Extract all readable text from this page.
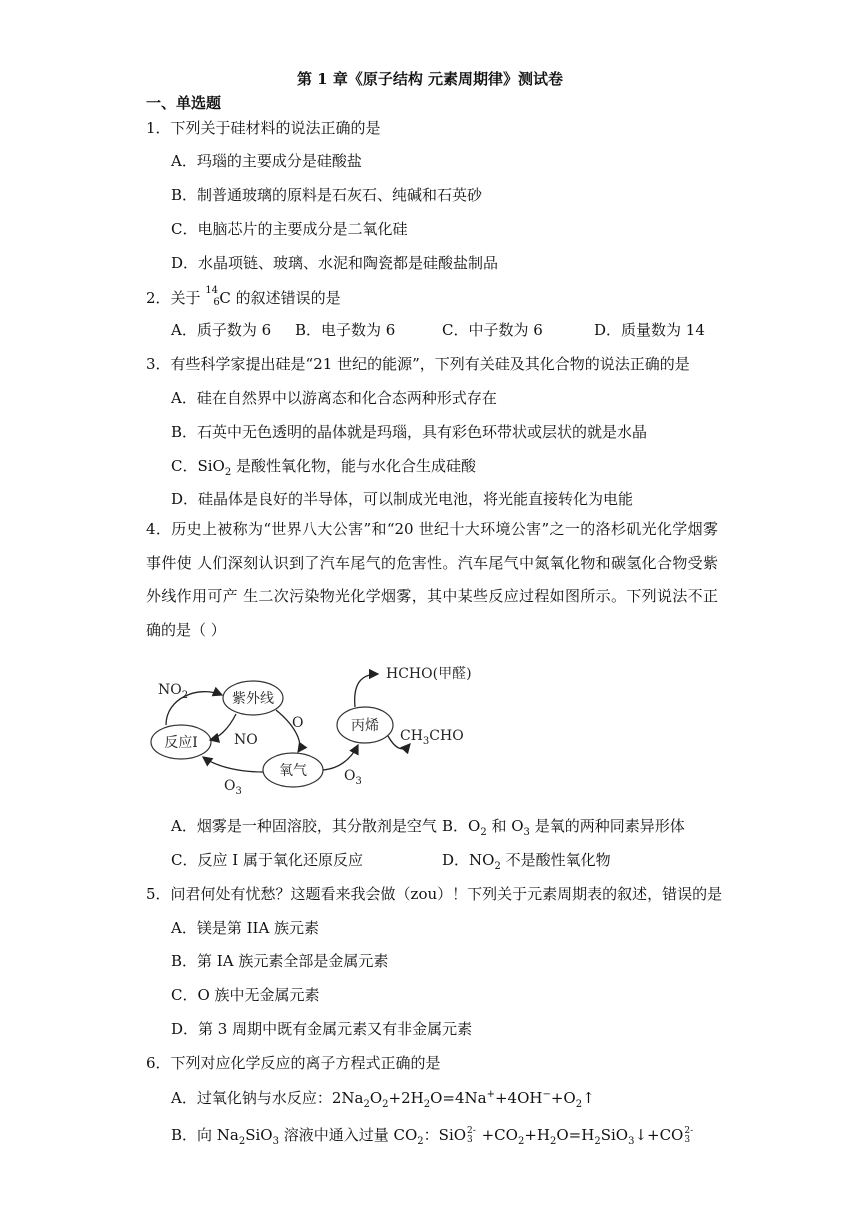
第 1 章《原子结构 元素周期律》测试卷
一、单选题
1．下列关于硅材料的说法正确的是
A．玛瑙的主要成分是硅酸盐
B．制普通玻璃的原料是石灰石、纯碱和石英砂
C．电脑芯片的主要成分是二氧化硅
D．水晶项链、玻璃、水泥和陶瓷都是硅酸盐制品
2．关于 14
6 C 的叙述错误的是
A．质子数为 6 B．电子数为 6	C．中子数为 6	D．质量数为 14
3．有些科学家提出硅是“21 世纪的能源”，下列有关硅及其化合物的说法正确的是
A．硅在自然界中以游离态和化合态两种形式存在
B．石英中无色透明的晶体就是玛瑙，具有彩色环带状或层状的就是水晶
C．SiO$_2$ 是酸性氧化物，能与水化合生成硅酸
D．硅晶体是良好的半导体，可以制成光电池，将光能直接转化为电能
4．历史上被称为“世界八大公害”和“20 世纪十大环境公害”之一的洛杉矶光化学烟雾事件使 人们深刻认识到了汽车尾气的危害性。汽车尾气中氮氧化物和碳氢化合物受紫外线作用可产 生二次污染物光化学烟雾，其中某些反应过程如图所示。下列说法不正确的是（ ）
紫外线
反应I
氧气
丙烯
$NO_2$
NO
O
$O_3$
$O_3$
HCHO(甲醛)
$CH_3CHO$
A．烟雾是一种固溶胶，其分散剂是空气 B．$O_2$ 和 $O_3$ 是氧的两种同素异形体
C．反应 I 属于氧化还原反应	D．$NO_2$ 不是酸性氧化物
5．问君何处有忧愁？这题看来我会做（zou）！下列关于元素周期表的叙述，错误的是
A．镁是第 IIA 族元素
B．第 IA 族元素全部是金属元素
C．O 族中无金属元素
D．第 3 周期中既有金属元素又有非金属元素
6．下列对应化学反应的离子方程式正确的是
A．过氧化钠与水反应：$2Na_2O_2+2H_2O=4Na^++4OH^-+O_2↑$
B．向 $Na_2SiO_3$ 溶液中通入过量 $CO_2$：SiO 2-
$3 +CO_2+H_2O=H_2SiO_3↓+CO$ 2-
3
